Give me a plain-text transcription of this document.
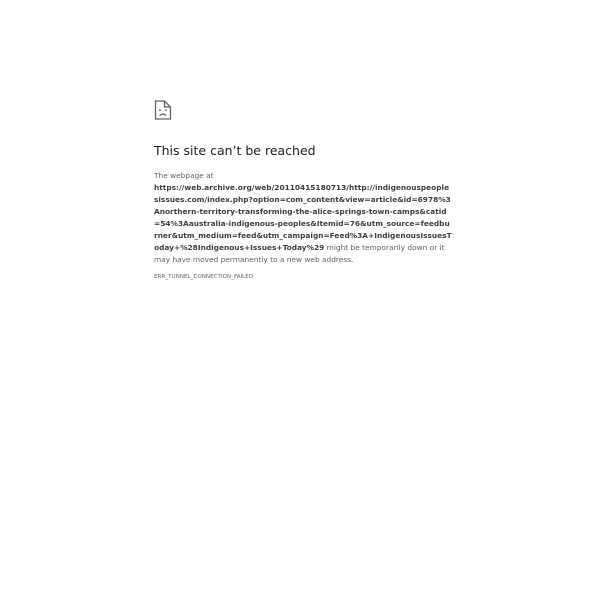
This site can’t be reached
The webpage at
https://web.archive.org/web/20110415180713/http://indigenouspeoplesissues.com/index.php?option=com_content&view=article&id=6978%3Anorthern-territory-transforming-the-alice-springs-town-camps&catid=54%3Aaustralia-indigenous-peoples&Itemid=76&utm_source=feedburner&utm_medium=feed&utm_campaign=Feed%3A+IndigenousIssuesToday+%28Indigenous+Issues+Today%29 might be temporarily down or it may have moved permanently to a new web address.
ERR_TUNNEL_CONNECTION_FAILED
